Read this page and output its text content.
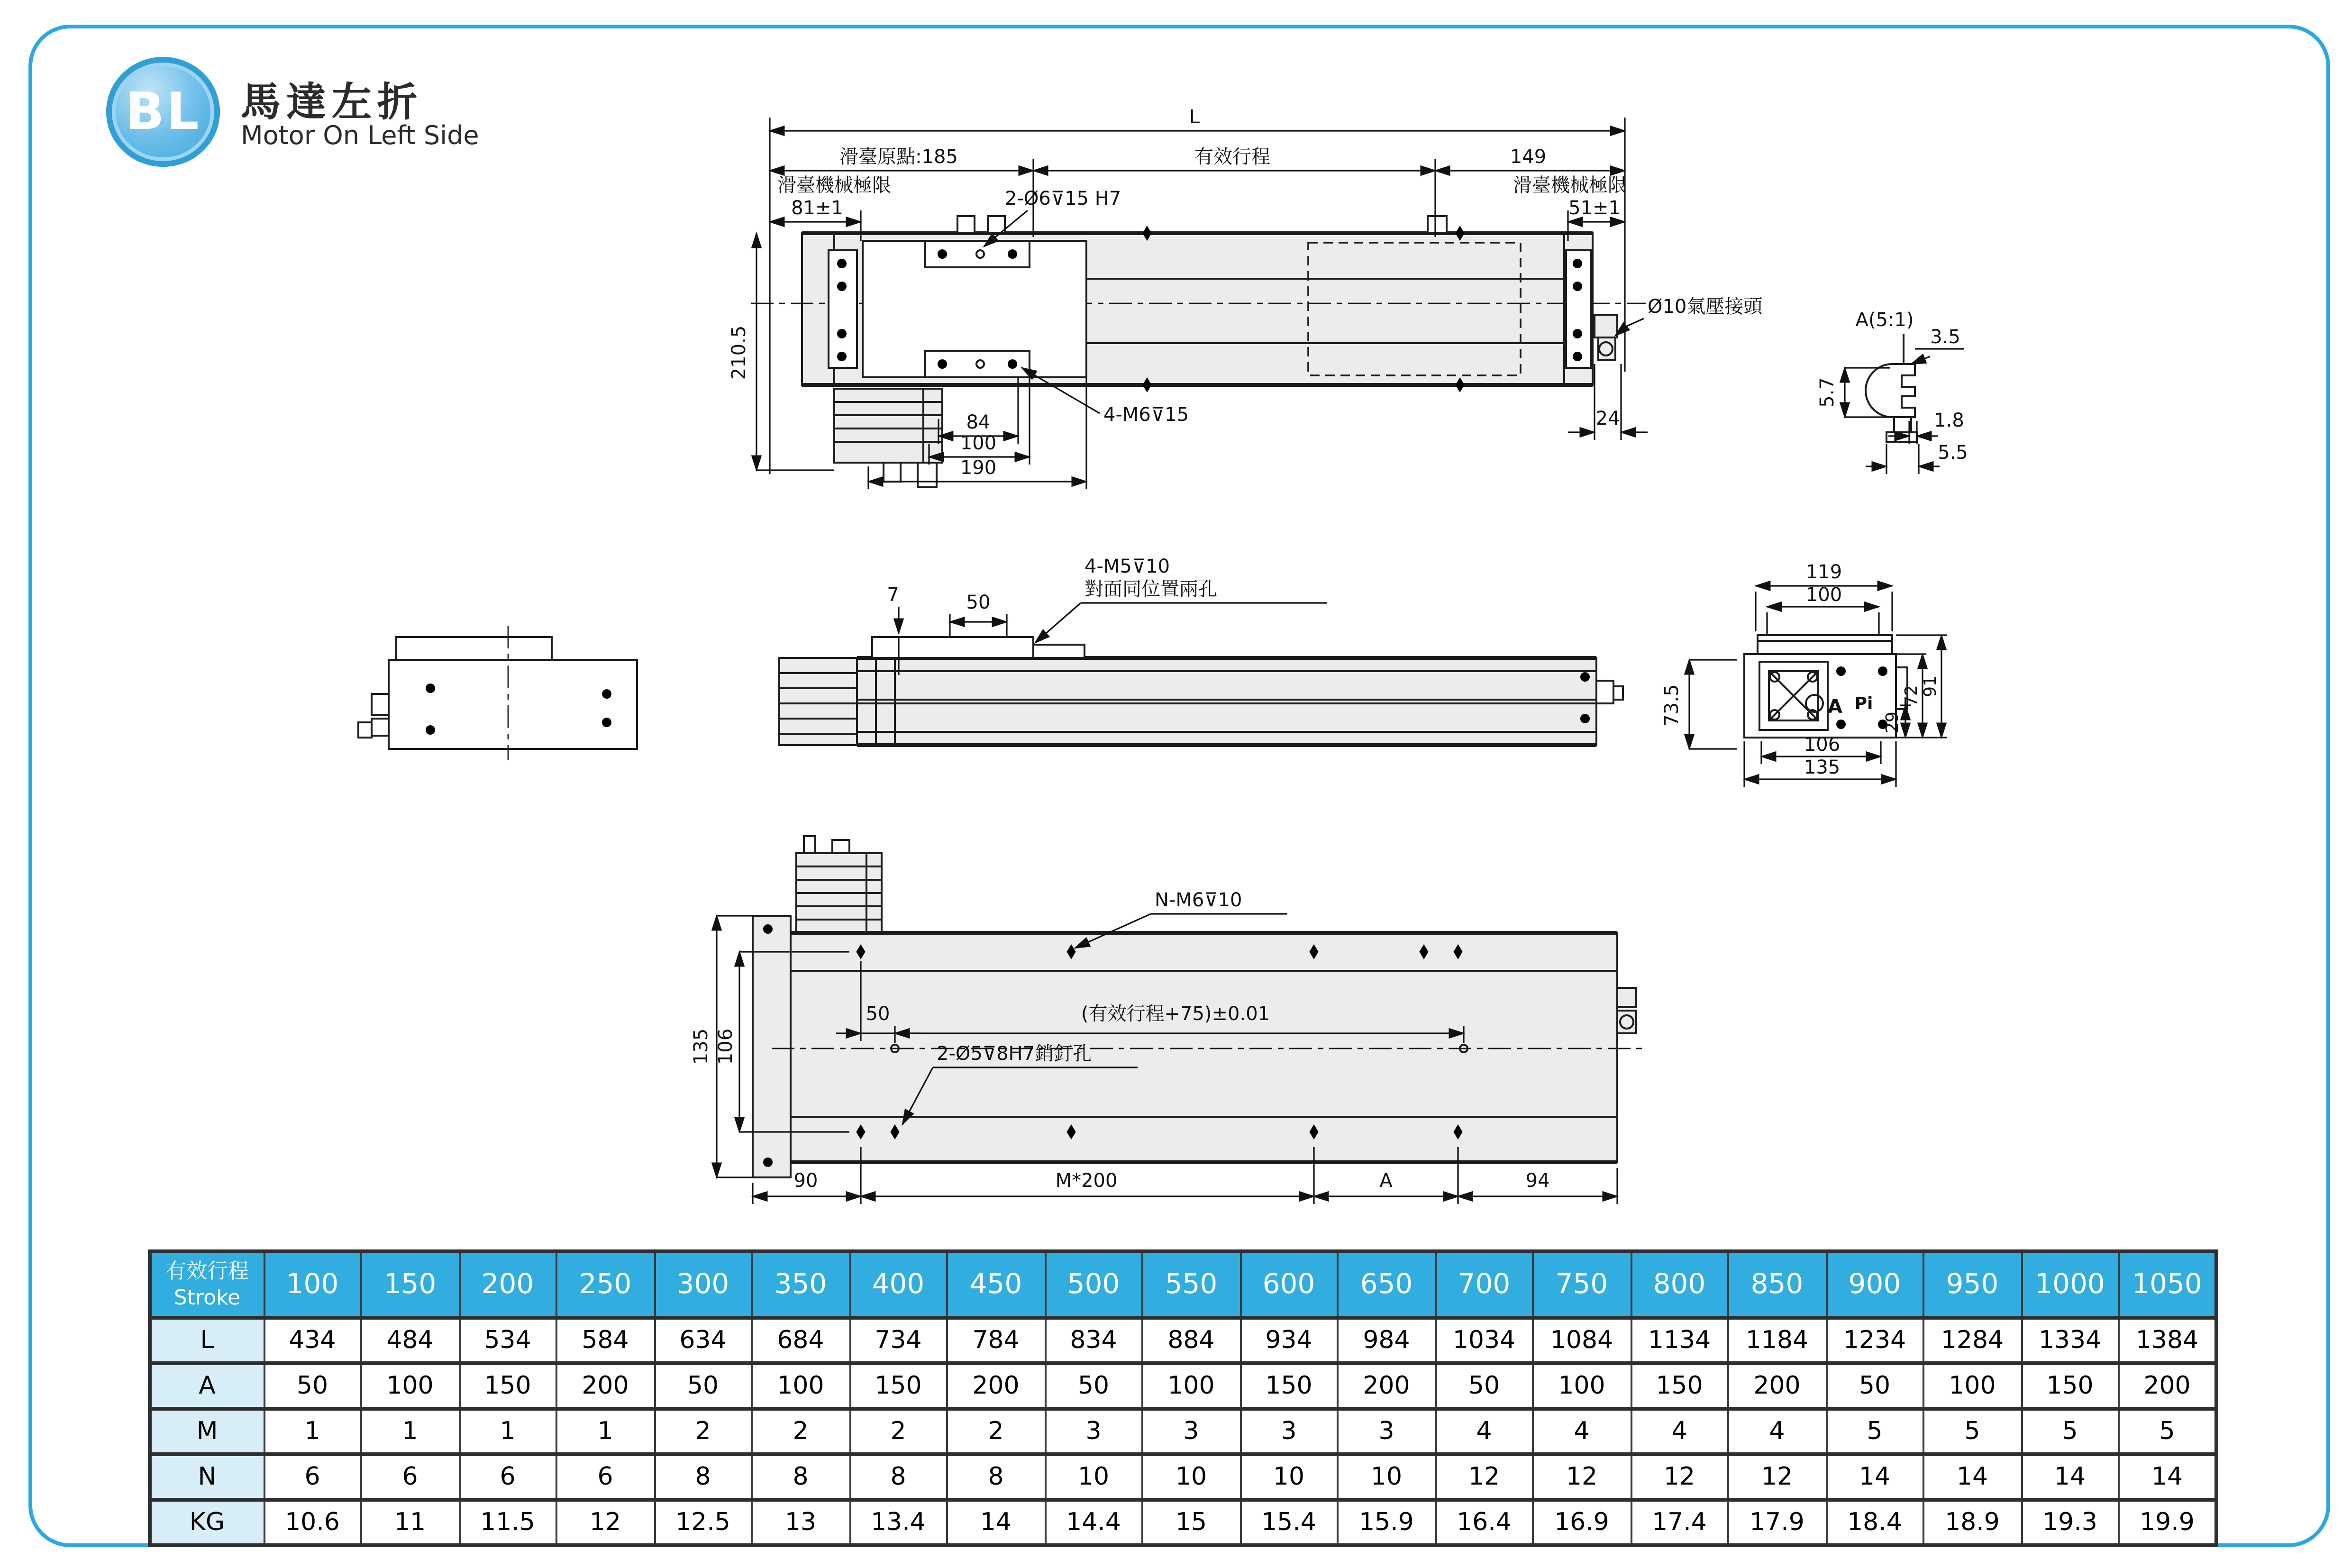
BL	馬達左折
Motor On Left Side
L
滑臺原點:185	有效行程	149
滑臺機械極限
81±1
滑臺機械極限
51±1
2-Ø6⊽15 H7
210.5
84
100
190
4-M6⊽15	24
Ø10氣壓接頭
A(5:1)
5.7
3.5
1.8
5.5
7	50
4-M5⊽10
對面同位置兩孔
73.5	A	Pi
119
100
29
72 91
106
135
N-M6⊽10
(有效行程+75)±0.01
50
2-Ø5⊽8H7銷釘孔
135 106
90	M*200	A	94
有效行程
Stroke	100	150	200	250	300	350	400	450	500	550	600	650	700	750	800	850	900	950	1000	1050
L	434	484	534	584	634	684	734	784	834	884	934	984	1034	1084	1134	1184	1234	1284	1334	1384
A	50	100	150	200	50	100	150	200	50	100	150	200	50	100	150	200	50	100	150	200
M	1	1	1	1	2	2	2	2	3	3	3	3	4	4	4	4	5	5	5	5
N	6	6	6	6	8	8	8	8	10	10	10	10	12	12	12	12	14	14	14	14
KG	10.6	11	11.5	12	12.5	13	13.4	14	14.4	15	15.4	15.9	16.4	16.9	17.4	17.9	18.4	18.9	19.3	19.9
